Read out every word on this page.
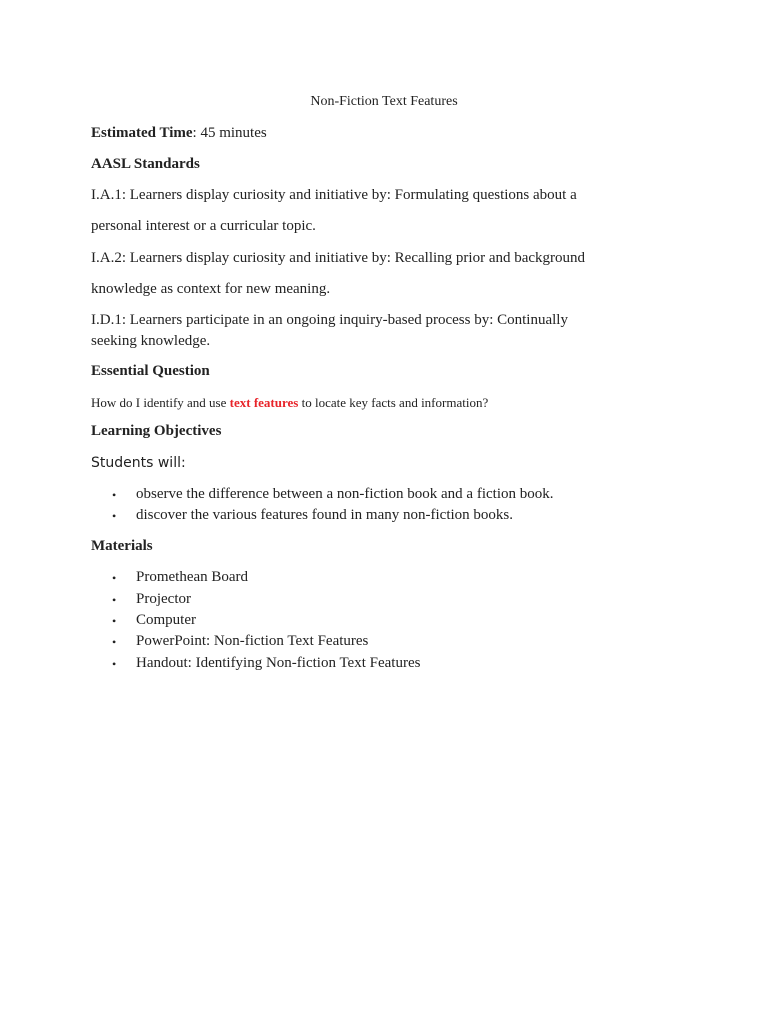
Non-Fiction Text Features
Estimated Time: 45 minutes
AASL Standards
I.A.1: Learners display curiosity and initiative by: Formulating questions about a
personal interest or a curricular topic.
I.A.2: Learners display curiosity and initiative by: Recalling prior and background
knowledge as context for new meaning.
I.D.1: Learners participate in an ongoing inquiry-based process by: Continually
seeking knowledge.
Essential Question
How do I identify and use text features to locate key facts and information?
Learning Objectives
Students will:
• observe the difference between a non-fiction book and a fiction book.
• discover the various features found in many non-fiction books.
Materials
• Promethean Board
• Projector
• Computer
• PowerPoint: Non-fiction Text Features
• Handout: Identifying Non-fiction Text Features
